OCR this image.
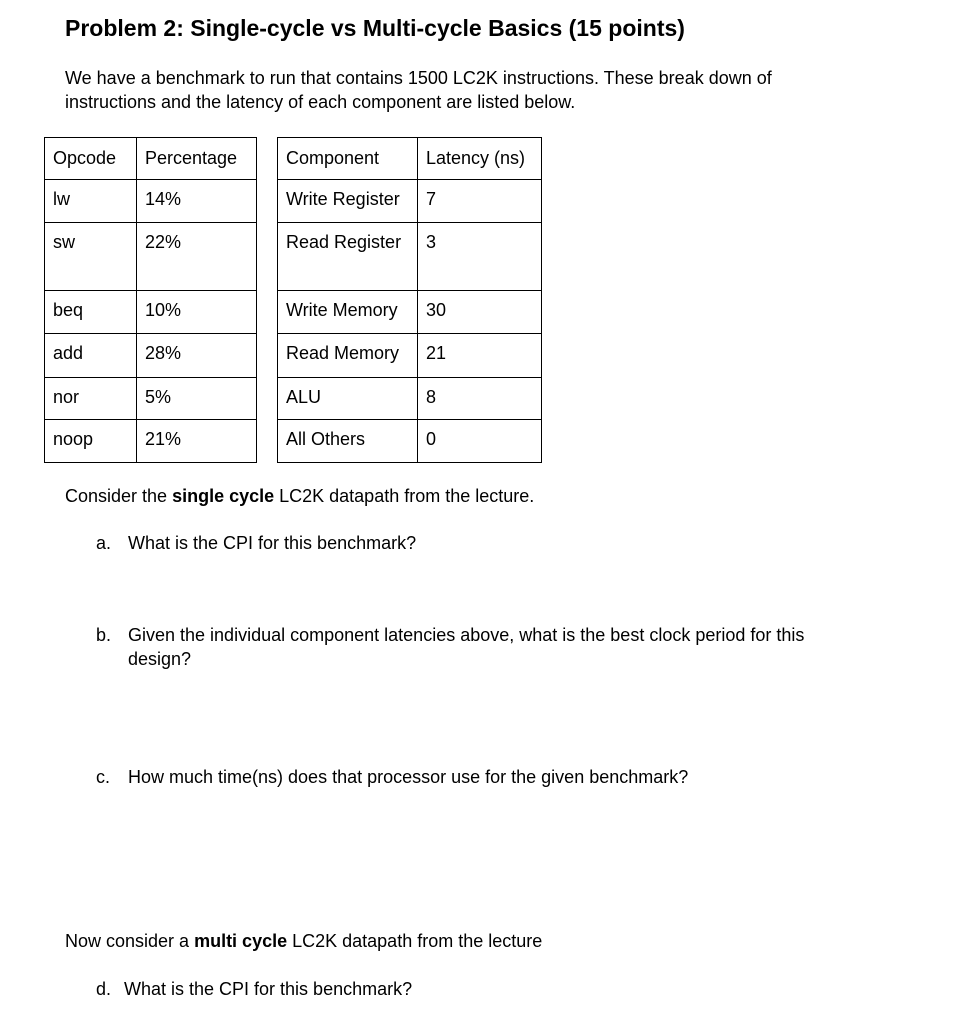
Problem 2: Single-cycle vs Multi-cycle Basics (15 points)

We have a benchmark to run that contains 1500 LC2K instructions. These break down of instructions and the latency of each component are listed below.

Opcode	Percentage
lw	14%
sw	22%
beq	10%
add	28%
nor	5%
noop	21%
Component	Latency (ns)
Write Register	7
Read Register	3
Write Memory	30
Read Memory	21
ALU	8
All Others	0

Consider the single cycle LC2K datapath from the lecture.

a. What is the CPI for this benchmark?
b. Given the individual component latencies above, what is the best clock period for this design?
c. How much time(ns) does that processor use for the given benchmark?

Now consider a multi cycle LC2K datapath from the lecture

d. What is the CPI for this benchmark?
